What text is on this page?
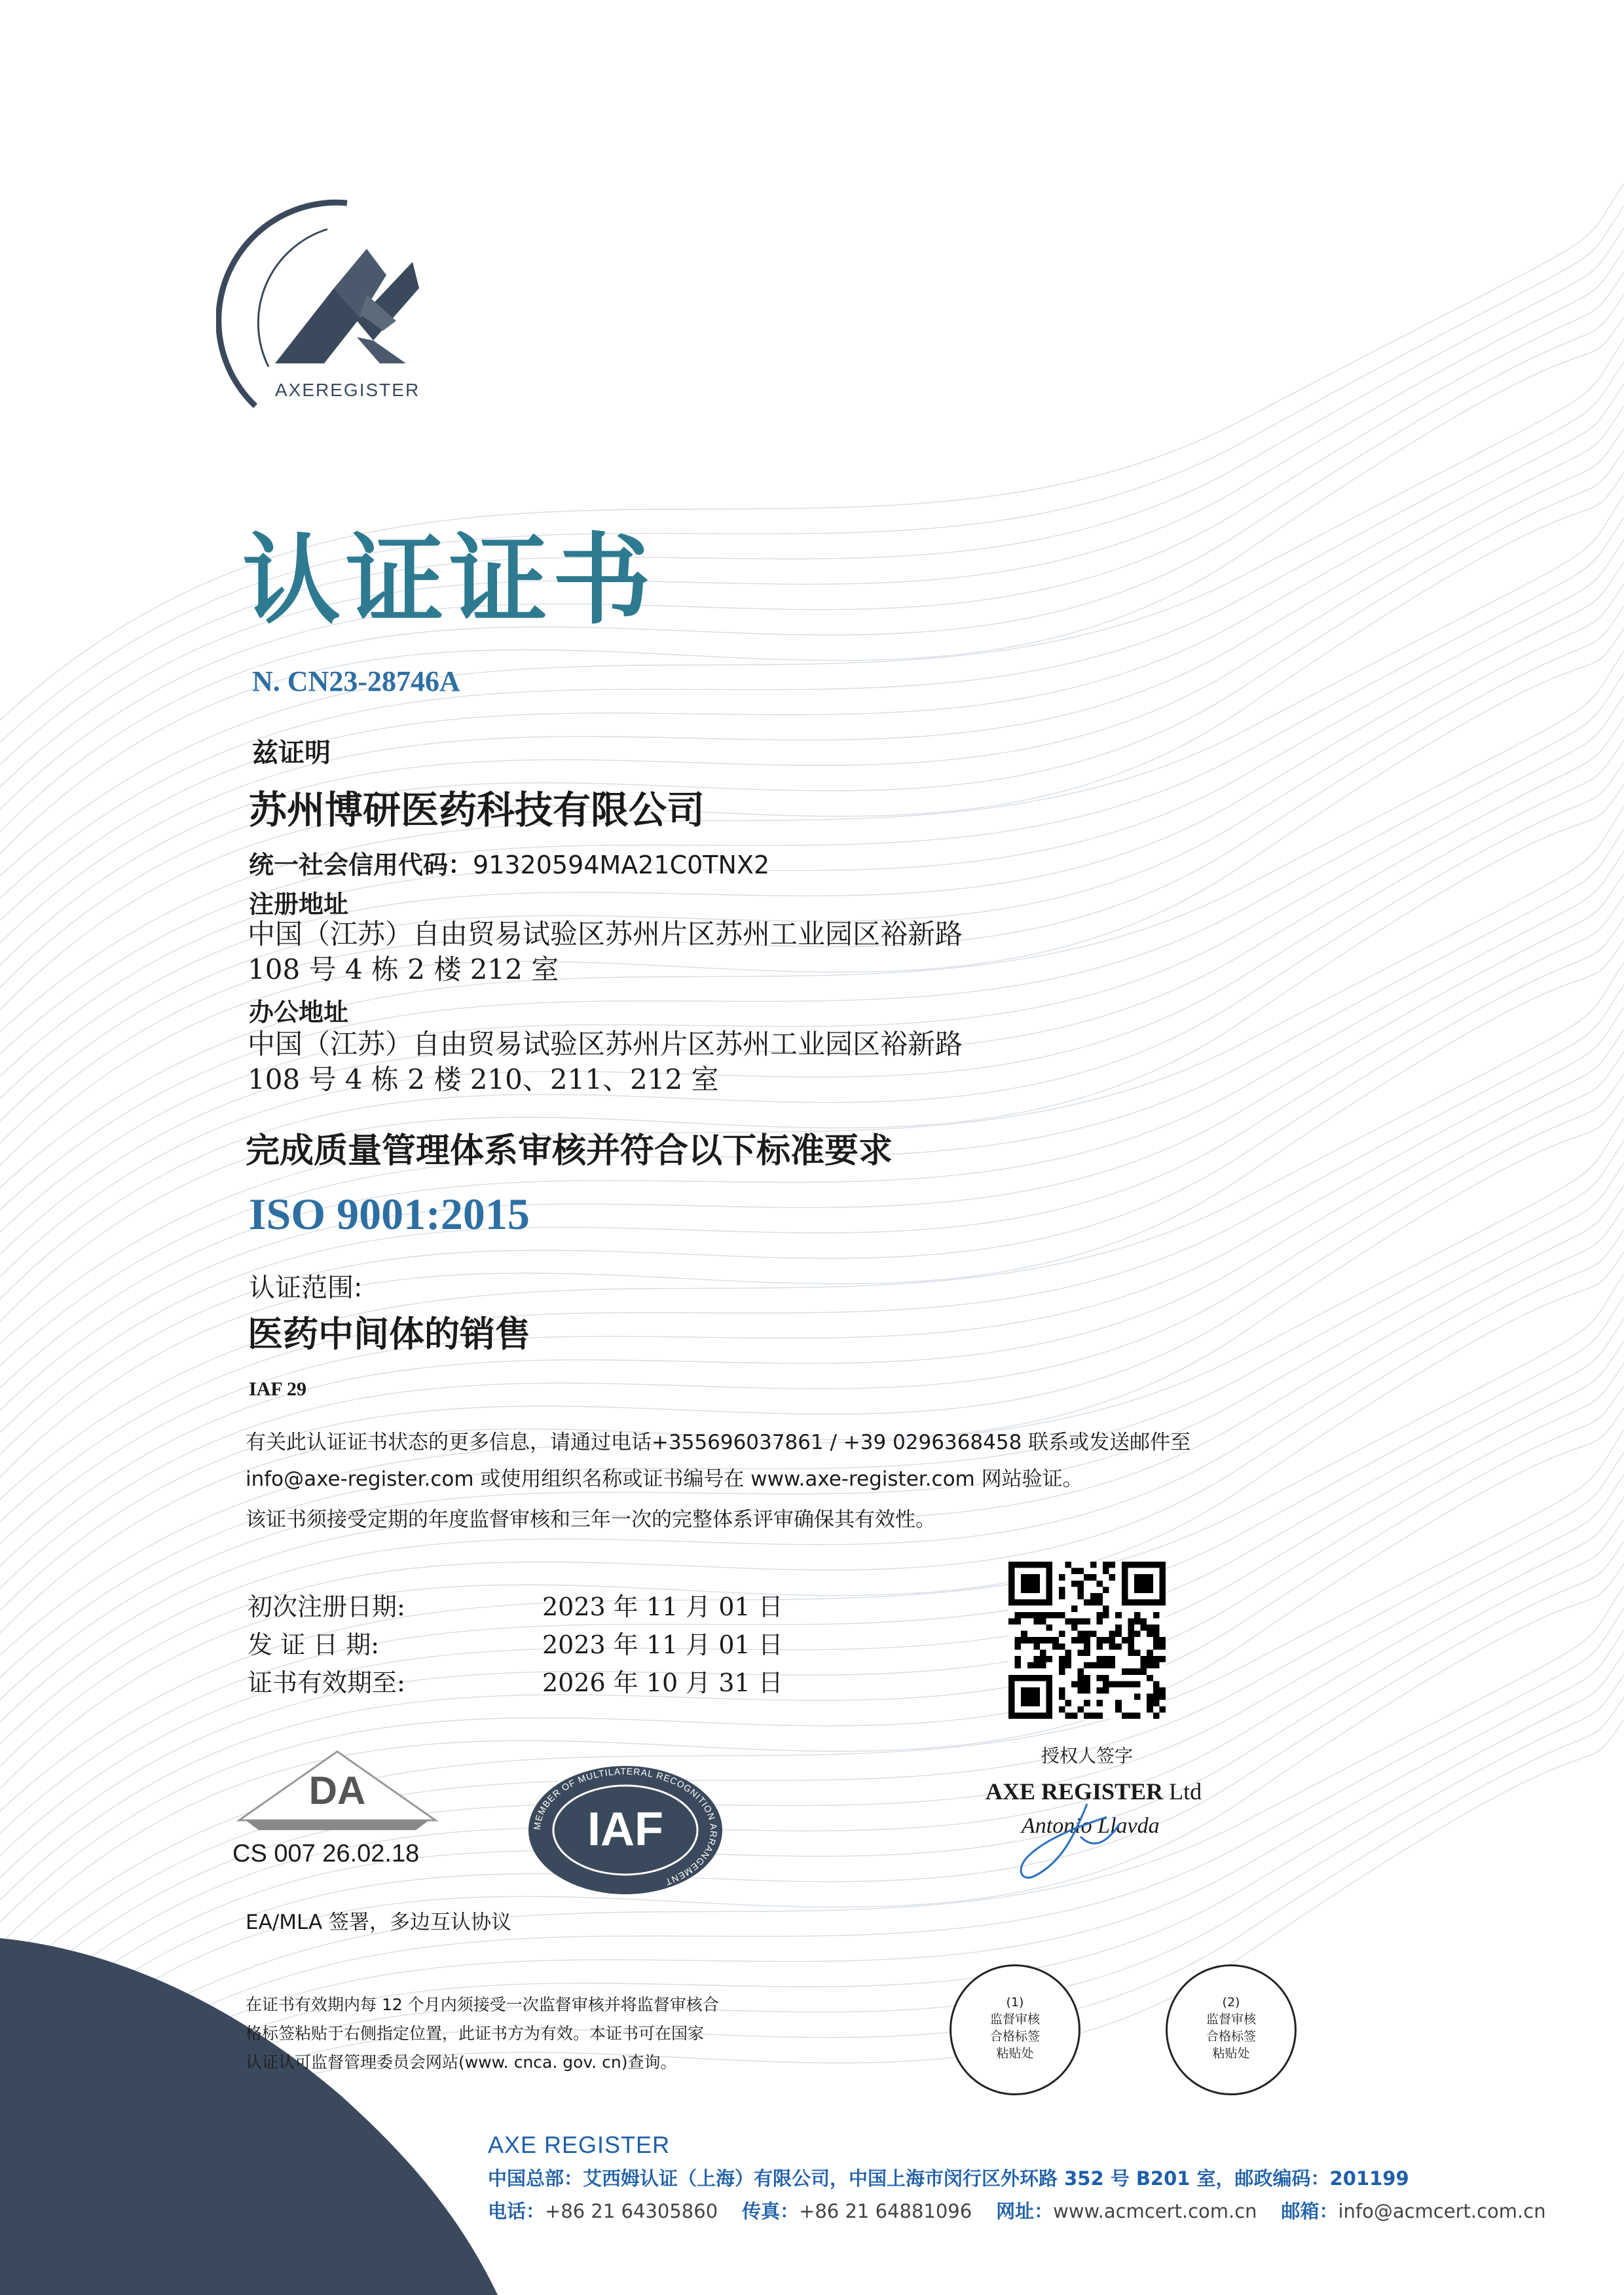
AXEREGISTER
认证证书
N. CN23-28746A
兹证明
苏州博研医药科技有限公司
统一社会信用代码：91320594MA21C0TNX2
注册地址
中国（江苏）自由贸易试验区苏州片区苏州工业园区裕新路
108 号 4 栋 2 楼 212 室
办公地址
中国（江苏）自由贸易试验区苏州片区苏州工业园区裕新路
108 号 4 栋 2 楼 210、211、212 室
完成质量管理体系审核并符合以下标准要求
ISO 9001:2015
认证范围:
医药中间体的销售
IAF 29
有关此认证证书状态的更多信息，请通过电话+355696037861 / +39 0296368458 联系或发送邮件至
info@axe-register.com 或使用组织名称或证书编号在 www.axe-register.com 网站验证。
该证书须接受定期的年度监督审核和三年一次的完整体系评审确保其有效性。
初次注册日期:	2023 年 11 月 01 日
发 证 日 期:	2023 年 11 月 01 日
证书有效期至:	2026 年 10 月 31 日
授权人签字
AXE REGISTER Ltd
Antonio Llavda
DA
CS 007 26.02.18
MEMBER OF MULTILATERAL RECOGNITION ARRANGEMENT
IAF
EA/MLA 签署，多边互认协议
在证书有效期内每 12 个月内须接受一次监督审核并将监督审核合
格标签粘贴于右侧指定位置，此证书方为有效。本证书可在国家
认证认可监督管理委员会网站(www. cnca. gov. cn)查询。
(1)
监督审核
合格标签
粘贴处
(2)
监督审核
合格标签
粘贴处
AXE REGISTER
中国总部：艾西姆认证（上海）有限公司，中国上海市闵行区外环路 352 号 B201 室，邮政编码：201199
电话：+86 21 64305860 传真：+86 21 64881096 网址：www.acmcert.com.cn 邮箱：info@acmcert.com.cn
